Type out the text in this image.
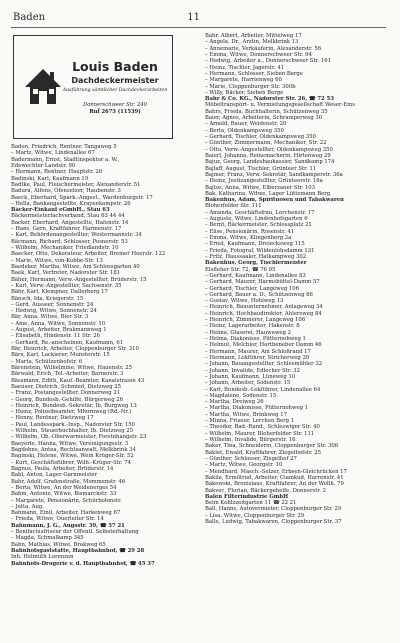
Baden	11
Louis Baden
Dachdeckermeister
Ausführung sämtlicher Dachdeckerarbeiten
Donnerschweer Str. 240
Ruf 2673 (11539)
Baden, Friedrich, Rentner, Tangaweg 5
– Martz, Witwe, Lindenallee 67
Badermann, Ernst, Stadtinspektor a. W.,
Edewechter Landstr. 90
– Hermann, Rentner, Hauptstr. 26
Badinski, Karl, Kaufmann 19
Badtke, Paul, Fleischermeister, Alexanderstr. 51
Badura, Alfons, Ofensetzer, Haubenstr. 3
Baeck, Eberhard, Spark.-Angest., Wardenburgstr. 17
– Hella, Bankangestellte, Krayenkampstr. 26
Bäcker-Einkauf eGmbH., Stau 63
Bäckermeisterfachverband, Stau 63 44 44
Backer, Eberhard, Angestellte, Hafenstr. 14
– Hans, Gern, Kraftfahrer, Harmenstr. 17
– Karl, Behördenangestellter, Westermannstr. 34
Bäcmann, Richard, Schlosser, Posnerstr. 53
– Wilhelm, Mechaniker, Friedlandstr. 10
Baecker, Otto, Dekorateur, Arbeiter, Bremer Heerstr. 122
– Marie, Witwe, von-Kobbe-Str. 13
Baedeker, Martha, Witwe, Am Schlossgarten 40
Baek, Karl, Vertreter, Nadorster Str. 181
Bäher, Hermann, Verw.-Angestellter, Brüderstr. 15
– Karl, Verw.-Angestellter, Sachsenstr. 35
Bähr, Karl, Klempner, Dallerberg 17
Bänsch, Ida, Kriegerstr. 15
– Gerd, Ausseer, Sonnenstr. 24
– Hedwig, Witwe, Sonnenstr. 24
Bär, Anna, Witwe, Bier Str. 3
– Ame, Anna, Witwe, Sonnenstr. 10
– August, Arbeiter, Brakmannweg 1
– Elisabeth, Hindenstr. 11 Str. 26
– Gerhard, Re.-anscheinen, Kaufmann, 61
Bär, Heinrich, Arbeiter, Cloppenburger Str. 310
Bärs, Karl, Lackierer, Munsterstr. 15
– Marta, Schützenhofstr. 6
Bärenstein, Wilhelmine, Witwe, Hauenstr. 25
Bärwald, Erich, Tel.-Arbeiter, Barnerstr. 3
Bässmann, Edith, Kauf.-Beamter, Kanalstrasse 43
Baeuser, Dietrich, Schmied, Dietzweg 25
– Franz, Postangestellter, Donnerweg 21
– Georg, Bundesb.-Gehilfe, Bürgerweg 26
– Heinrich, Bundesb.-Sekretär, Ib. Burgweg 13
– Heinz, Polizeibeamter, Mhornweg (Rd.-Nr.)
– Henny, Rentner, Dietzweg 17
– Paul, Landesspark.-Insp., Nadorster Str. 150
– Wilhelm, Steuerbuchhalter, Ib. Dietzweg 25
– Wilhelm, Ob.-Oberwarmeister, Forstnhangstr. 23
Baeyerle, Hanna, Witwe, Vereinigungsstr. 3
Bagdohns, Antea, Rechtsanwalt, Melkbrink 34
Baginski, Helene, Witwe, Wein Krüger-Str. 52
– Kurt, Geschäftsführer, Wilh.-Krüger-Str. 74
Bagnus, Paula, Arbeiter, Brüderstr. 14
Bahl, Anton, Lager-Garnmeister
Bahr, Adolf, Grafenstraße, Mommenstr. 46
– Berta, Witwe, An der Weidenerges 54
Bahm, Antonie, Witwe, Bismarckstr. 33
– Margarete, Pensionärin, Schürbohmstr.
– Jutta, Aug.
Bahmann, Emil, Arbeiter, Harkenweg 67
– Frieda, Witwe, Ouerleiter Str. 14
Bahnmann, J. G., Augsstr. 39, ☎ 57 21
– Bonifaciusfriseur der Offentl. Selbsterhaltung
– Magda, Schmalkamp 345
Bahn, Mathias, Witwe, Brakweg 65
Bahnhofsgaststätte, Hauptbahnhof, ☎ 29 28
Inh. Helmuth Lorenzen
Bahnhofs-Drogerie v. d. Hauptbahnhof, ☎ 45 37
Bahr, Albert, Arbeiter, Mittelweg 17
– Angela, Dr., Ärztin, Melkbrink 13
– Annemarie, Verkäuferin, Alexanderstr. 56
– Emma, Witwe, Donnerschweer Str. 94
– Hedwig, Arbeiter a., Donnerschweer Str. 161
– Heinz, Tischler, Jagerstr. 41
– Hermann, Schlosser, Sieben Berge
– Margarete, Harrienweg 60
– Marie, Cloppenburger Str. 300b
– Willy, Bäcker, Sieben Berge
Bahr & Co. KG., Nadorster Str. 26, ☎ 72 53
Möbeltransport- u. Vermietungsgesellschaft Weser-Ems
Bahrs, Frieda, Buchhalterin, Schützenweg 35
Baier, Agnes, Arbeiterin, Schramperweg 30
– Arnold, Bauer, Weidenstr. 20
– Berta, Oldenkampsweg 350
– Gerhard, Tischler, Oldenkampsweg 350
– Günther, Zimmermann, Mechaniker, Str. 22
– Otto, Verw.-Angestellter, Oldenkampsweg 350
Baierl, Johanna, Reinemacherin, Hirtenweg 29
Bajuz, Georg, Landesbaukassier, Sandkamp 174
Bajlaff, August, Tischler, Grünteer Str. 11
Bajmer, Franz, Verw.-Sekretär, Sandkamperstr. 36a
– Heinz, Justizangestellter, Grünteerstr. 16a
Bajtos, Anna, Witwe, Elberzaner Str. 103
Bak, Katharina, Witwe, Lager Lüttemann Berg
Bakenhus, Adam, Spirituosen und Tabakwaren
Bloherfelder Str. 111
– Amanda, Geschäftsfrau, Lerchenstr. 17
– Auguste, Witwe, Lindenhofsgarten 6
– Bernt, Bäckermeister, Schlossplatz 21
– Elise, Pensionärin, Rosenstr. 41
– Emma, Witwe, Klingenberg 2a
– Ernst, Kaufmann, Dreiecksweg 115
– Frieda, Fotograf, Wildenlohsdamm 131
– Fritz, Haussaaler, Hatkampweg 302
Bakenhus, Georg, Tischlermeister
Elsfleher Str. 72, ☎ 76 95
– Gerhard, Kaufmann, Lindenallee 83
– Gerhard, Maurer, Harmsbüttel-Damm 57
– Gerhard, Tischler, Langeweg 106
– Gerhard, Bauer a. D., Schützenweg 86
– Gustav, Witwe, Hohlweg 13
– Heinrich, Bauunternehmer, Anlageweg 34
– Heinrich, Hochbaudirektor, Ahlersweg 84
– Heinrich, Zimmerer, Langeweg 106
– Heinz, Lagerarbeiter, Hakenstr. 8
– Helma, Glaserei, Hauweweg 2
– Helma, Diakonisse, Pütternohweg 1
– Helmut, Melchior, Hartbeneber Damm 46
– Hermann, Maurer, Am Schloßrand 17
– Hermann, Lokführer, Stricherweg 20
– Johann, Bauangestellter, Schlesmühler 32
– Johann, Invalide, Edlecher Str. 32
– Johann, Kaufmann, Lüneweg 10
– Johann, Arbeiter, Sodenstr. 15
– Karl, Bundesb.-Lokführer, Lindenallee 64
– Magdalene, Sodenstr. 15
– Martha, Dreiweg 26
– Martha, Diakonisse, Pütternohweg 1
– Martha, Witwe, Brinkweg 17
– Minna, Friseur, Lerchen Berg 1
– Theodor, Bad.-Rand., Schleswiger Str. 40
– Wilhelm, Maurer, Bloherfelder Str. 111
– Wilhelm, Invalide, Bürgerstr. 16
Baker, Tina, Schneiderin, Cloppenburger Str. 306
Baklet, Ewald, Kraftfahrer, Ziegelhofstr. 25
– Günther, Schlosser, Ziegelhof 27
– Martz, Witwe, Georgstr. 10
– Mendhard, Masch.-Setzer, Erbsen-Gleichrücken 17
Bakila, Ermiltrud, Arbeiter, Ciamkud, Harrenstr. 41
Bakowski, Bronislaus, Kraftfahrer, An der Wollh. 79
Bakvec, Florian, Bäckergehelfe, Donnerstr. 2
Balen Filterindustrie GmbH
Beim Kohlzzeitgarten 11 ☎ 22 21
Ball, Hanns, Autovermieter, Cloppenburger Str. 29
– Lisa, Witwe, Cloppenburger Str. 29
Balle, Ludwig, Tabakwaren, Cloppenburger Str. 37
